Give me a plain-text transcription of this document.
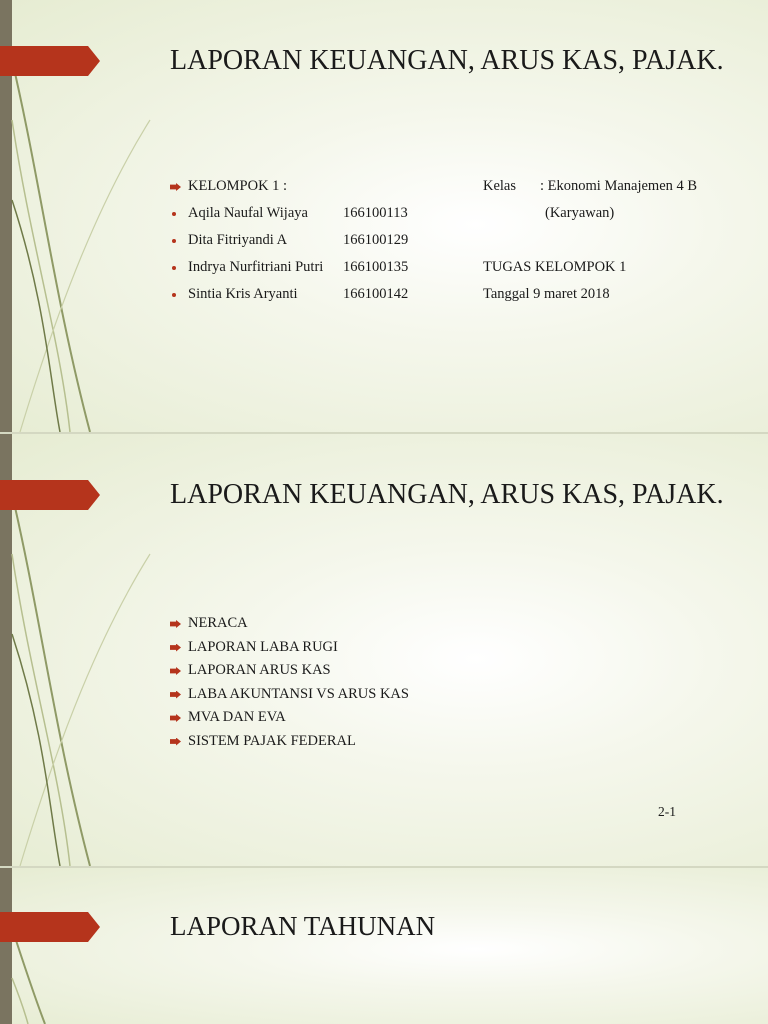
LAPORAN KEUANGAN, ARUS KAS, PAJAK.
KELOMPOK 1 :
Aqila Naufal Wijaya 166100113
Dita Fitriyandi A	166100129
Indrya Nurfitriani Putri 166100135
Sintia Kris Aryanti	166100142
Kelas : Ekonomi Manajemen 4 B
(Karyawan)
TUGAS KELOMPOK 1
Tanggal 9 maret 2018
LAPORAN KEUANGAN, ARUS KAS, PAJAK.
NERACA
LAPORAN LABA RUGI
LAPORAN ARUS KAS
LABA AKUNTANSI VS ARUS KAS
MVA DAN EVA
SISTEM PAJAK FEDERAL
2-1
LAPORAN TAHUNAN
